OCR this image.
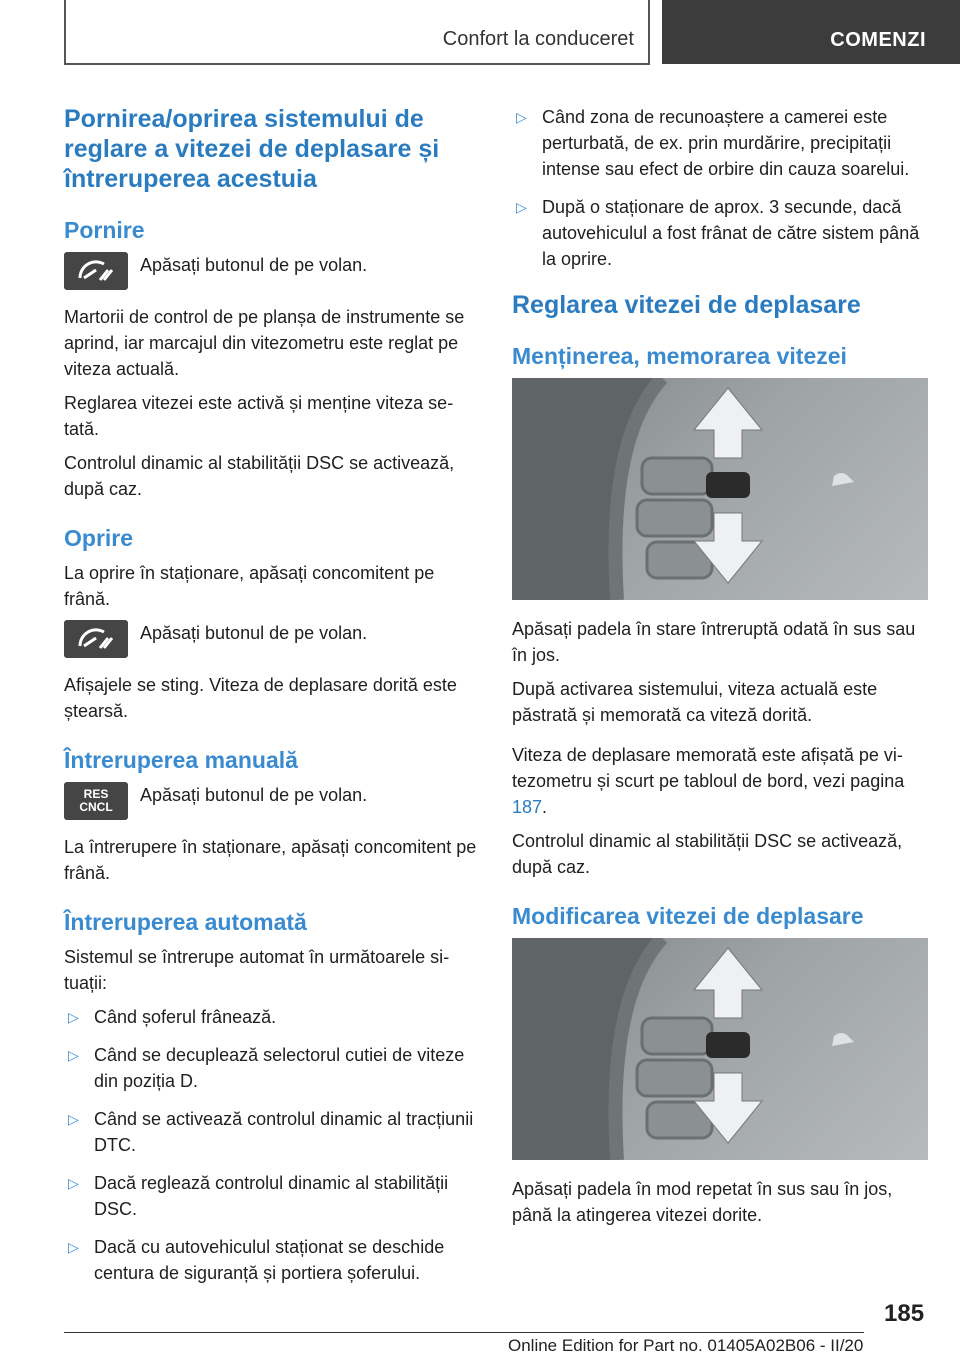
Confort la conduceret	COMENZI
Pornirea/oprirea sistemului de reglare a vitezei de deplasare și întreruperea acestuia
Pornire
Apăsați butonul de pe volan.
Martorii de control de pe planșa de instrumente se aprind, iar marcajul din vitezometru este reglat pe viteza actuală.
Reglarea vitezei este activă și menține viteza setată.
Controlul dinamic al stabilității DSC se activează, după caz.
Oprire
La oprire în staționare, apăsați concomitent pe frână.
Apăsați butonul de pe volan.
Afișajele se sting. Viteza de deplasare dorită este ștearsă.
Întreruperea manuală
RES
CNCL
Apăsați butonul de pe volan.
La întrerupere în staționare, apăsați concomitent pe frână.
Întreruperea automată
Sistemul se întrerupe automat în următoarele situații:
▷ Când șoferul frânează.
▷ Când se decuplează selectorul cutiei de viteze din poziția D.
▷ Când se activează controlul dinamic al tracțiunii DTC.
▷ Dacă reglează controlul dinamic al stabilității DSC.
▷ Dacă cu autovehiculul staționat se deschide centura de siguranță și portiera șoferului.
▷ Când zona de recunoaștere a camerei este perturbată, de ex. prin murdărire, precipitații intense sau efect de orbire din cauza soarelui.
▷ După o staționare de aprox. 3 secunde, dacă autovehiculul a fost frânat de către sistem până la oprire.
Reglarea vitezei de deplasare
Menținerea, memorarea vitezei
Apăsați padela în stare întreruptă odată în sus sau în jos.
După activarea sistemului, viteza actuală este păstrată și memorată ca viteză dorită.
Viteza de deplasare memorată este afișată pe vitezometru și scurt pe tabloul de bord, vezi pagina 187.
Controlul dinamic al stabilității DSC se activează, după caz.
Modificarea vitezei de deplasare
Apăsați padela în mod repetat în sus sau în jos, până la atingerea vitezei dorite.
185
Online Edition for Part no. 01405A02B06 - II/20
